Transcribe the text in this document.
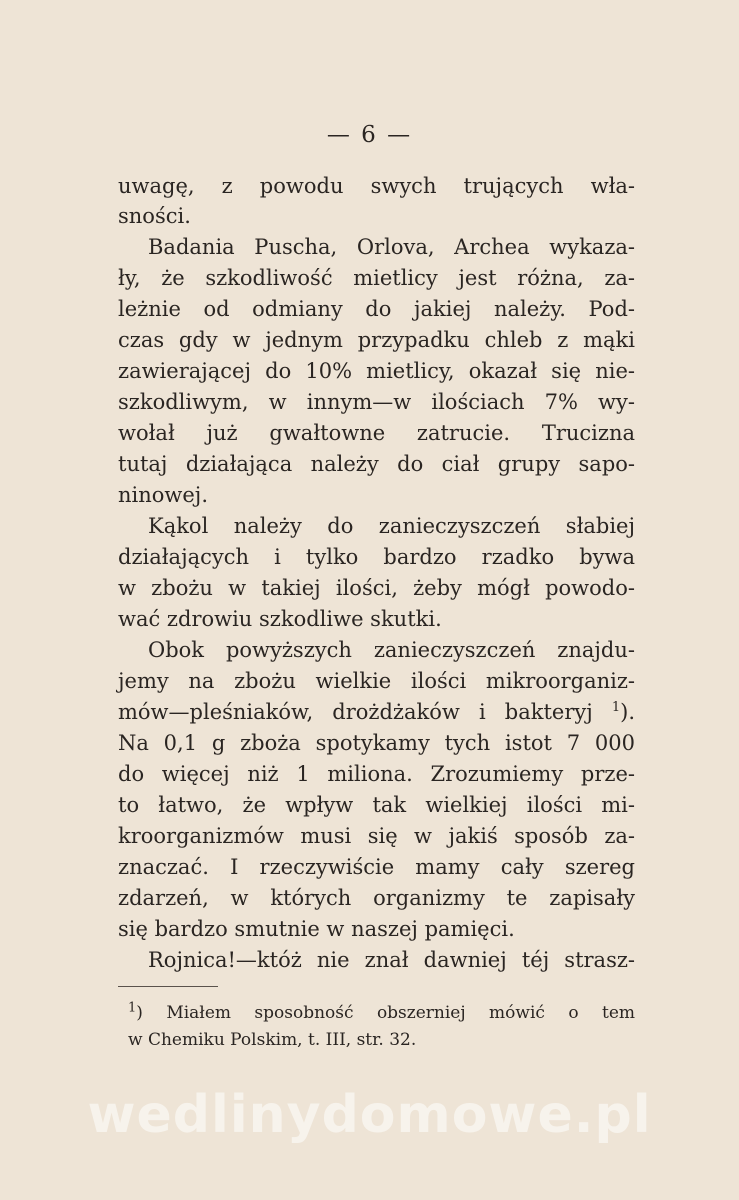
— 6 —
uwagę, z powodu swych trujących wła-
sności.
Badania Puscha, Orlova, Archea wykaza-
ły, że szkodliwość mietlicy jest różna, za-
leżnie od odmiany do jakiej należy. Pod-
czas gdy w jednym przypadku chleb z mąki
zawierającej do 10% mietlicy, okazał się nie-
szkodliwym, w innym—w ilościach 7% wy-
wołał już gwałtowne zatrucie. Trucizna
tutaj działająca należy do ciał grupy sapo-
ninowej.
Kąkol należy do zanieczyszczeń słabiej
działających i tylko bardzo rzadko bywa
w zbożu w takiej ilości, żeby mógł powodo-
wać zdrowiu szkodliwe skutki.
Obok powyższych zanieczyszczeń znajdu-
jemy na zbożu wielkie ilości mikroorganiz-
mów—pleśniaków, drożdżaków i bakteryj $^1$).
Na 0,1 g zboża spotykamy tych istot 7 000
do więcej niż 1 miliona. Zrozumiemy prze-
to łatwo, że wpływ tak wielkiej ilości mi-
kroorganizmów musi się w jakiś sposób za-
znaczać. I rzeczywiście mamy cały szereg
zdarzeń, w których organizmy te zapisały
się bardzo smutnie w naszej pamięci.
Rojnica!—któż nie znał dawniej téj strasz-
$^1$) Miałem sposobność obszerniej mówić o tem
w Chemiku Polskim, t. III, str. 32.
wedlinydomowe.pl
